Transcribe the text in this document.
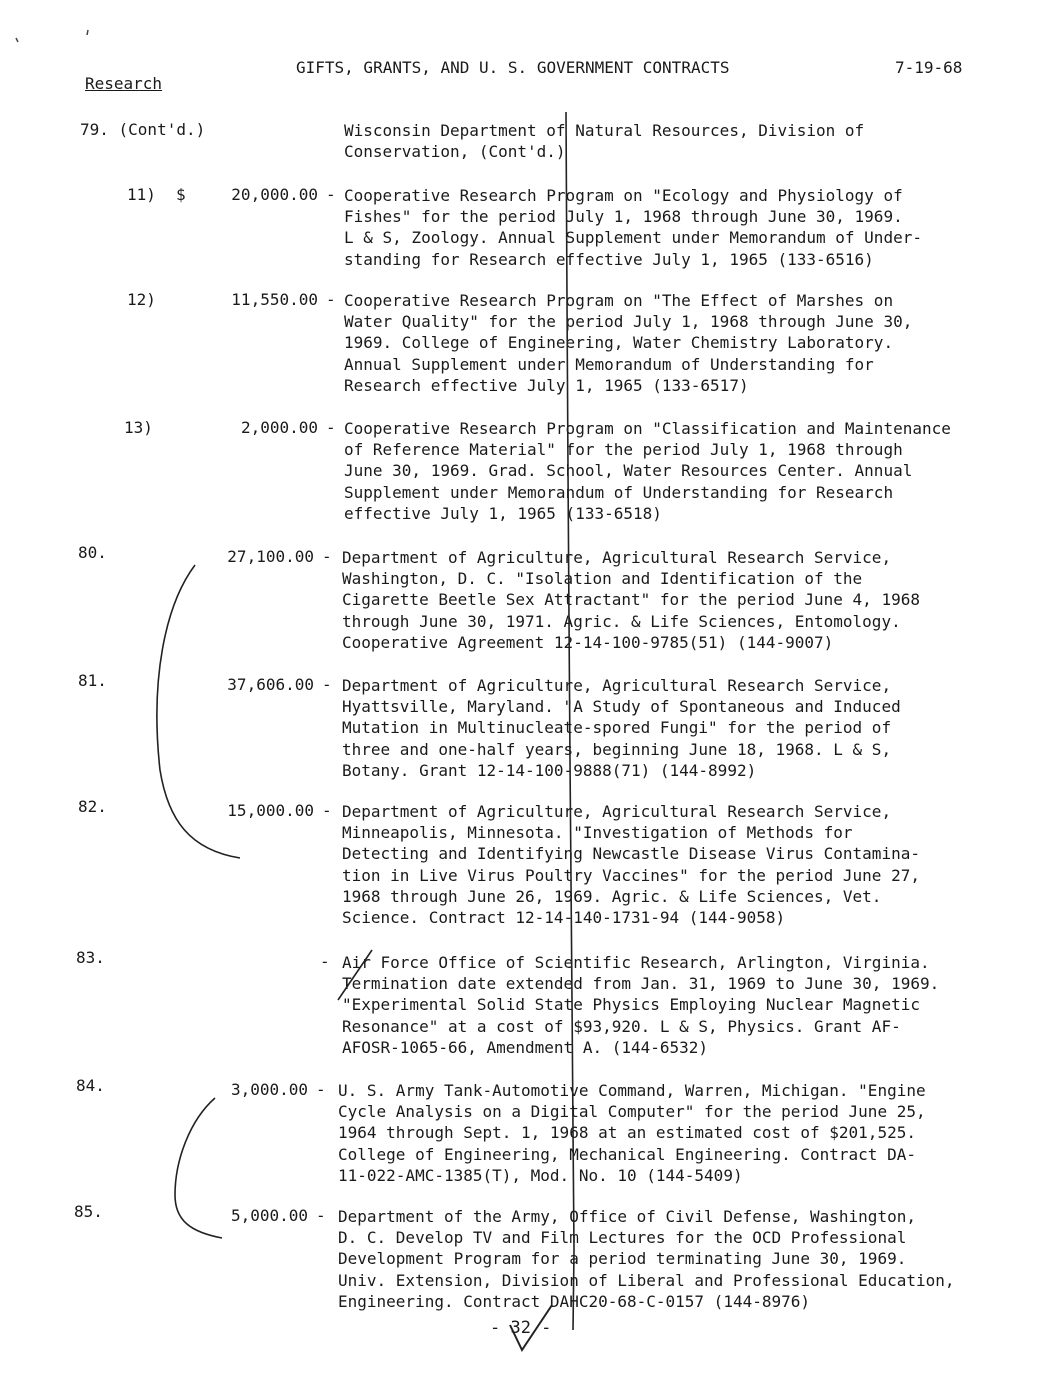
Research
GIFTS, GRANTS, AND U. S. GOVERNMENT CONTRACTS	7-19-68
79. (Cont'd.)	Wisconsin Department of Natural Resources, Division of
Conservation, (Cont'd.)
11) $	20,000.00 - Cooperative Research Program on "Ecology and Physiology of
Fishes" for the period July 1, 1968 through June 30, 1969.
L & S, Zoology. Annual Supplement under Memorandum of Under-
standing for Research effective July 1, 1965 (133-6516)
12)	11,550.00 - Cooperative Research Program on "The Effect of Marshes on
Water Quality" for the period July 1, 1968 through June 30,
1969. College of Engineering, Water Chemistry Laboratory.
Annual Supplement under Memorandum of Understanding for
Research effective July 1, 1965 (133-6517)
13)	2,000.00 - Cooperative Research Program on "Classification and Maintenance
of Reference Material" for the period July 1, 1968 through
June 30, 1969. Grad. School, Water Resources Center. Annual
Supplement under Memorandum of Understanding for Research
effective July 1, 1965 (133-6518)
80.	27,100.00 - Department of Agriculture, Agricultural Research Service,
Washington, D. C. "Isolation and Identification of the
Cigarette Beetle Sex Attractant" for the period June 4, 1968
through June 30, 1971. Agric. & Life Sciences, Entomology.
Cooperative Agreement 12-14-100-9785(51) (144-9007)
81.	37,606.00 - Department of Agriculture, Agricultural Research Service,
Hyattsville, Maryland. "A Study of Spontaneous and Induced
Mutation in Multinucleate-spored Fungi" for the period of
three and one-half years, beginning June 18, 1968. L & S,
Botany. Grant 12-14-100-9888(71) (144-8992)
82.	15,000.00 - Department of Agriculture, Agricultural Research Service,
Minneapolis, Minnesota. "Investigation of Methods for
Detecting and Identifying Newcastle Disease Virus Contamina-
tion in Live Virus Poultry Vaccines" for the period June 27,
1968 through June 26, 1969. Agric. & Life Sciences, Vet.
Science. Contract 12-14-140-1731-94 (144-9058)
83.	- Air Force Office of Scientific Research, Arlington, Virginia.
Termination date extended from Jan. 31, 1969 to June 30, 1969.
"Experimental Solid State Physics Employing Nuclear Magnetic
Resonance" at a cost of $93,920. L & S, Physics. Grant AF-
AFOSR-1065-66, Amendment A. (144-6532)
84.	3,000.00 - U. S. Army Tank-Automotive Command, Warren, Michigan. "Engine
Cycle Analysis on a Digital Computer" for the period June 25,
1964 through Sept. 1, 1968 at an estimated cost of $201,525.
College of Engineering, Mechanical Engineering. Contract DA-
11-022-AMC-1385(T), Mod. No. 10 (144-5409)
85.	5,000.00 - Department of the Army, Office of Civil Defense, Washington,
D. C. Develop TV and Film Lectures for the OCD Professional
Development Program for a period terminating June 30, 1969.
Univ. Extension, Division of Liberal and Professional Education,
Engineering. Contract DAHC20-68-C-0157 (144-8976)
- 32 -
